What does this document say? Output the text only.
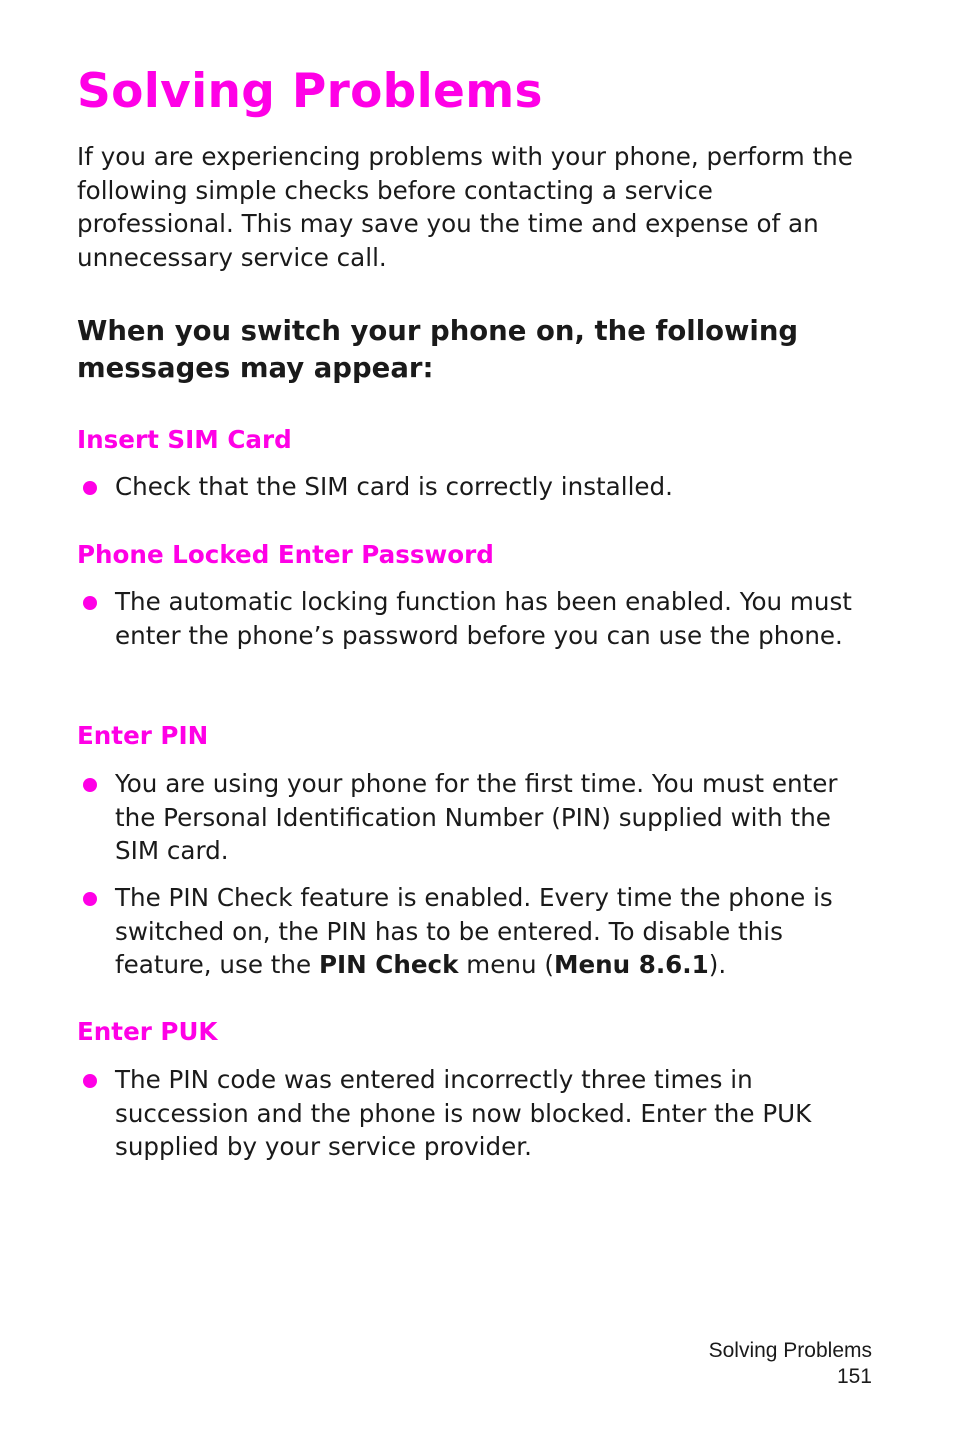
Solving Problems

If you are experiencing problems with your phone, perform the following simple checks before contacting a service professional. This may save you the time and expense of an unnecessary service call.

When you switch your phone on, the following messages may appear:

Insert SIM Card
Check that the SIM card is correctly installed.
Phone Locked Enter Password
The automatic locking function has been enabled. You must enter the phone’s password before you can use the phone.
Enter PIN
You are using your phone for the first time. You must enter the Personal Identification Number (PIN) supplied with the SIM card.
The PIN Check feature is enabled. Every time the phone is switched on, the PIN has to be entered. To disable this feature, use the PIN Check menu (Menu 8.6.1).
Enter PUK
The PIN code was entered incorrectly three times in succession and the phone is now blocked. Enter the PUK supplied by your service provider.
Solving Problems
151
